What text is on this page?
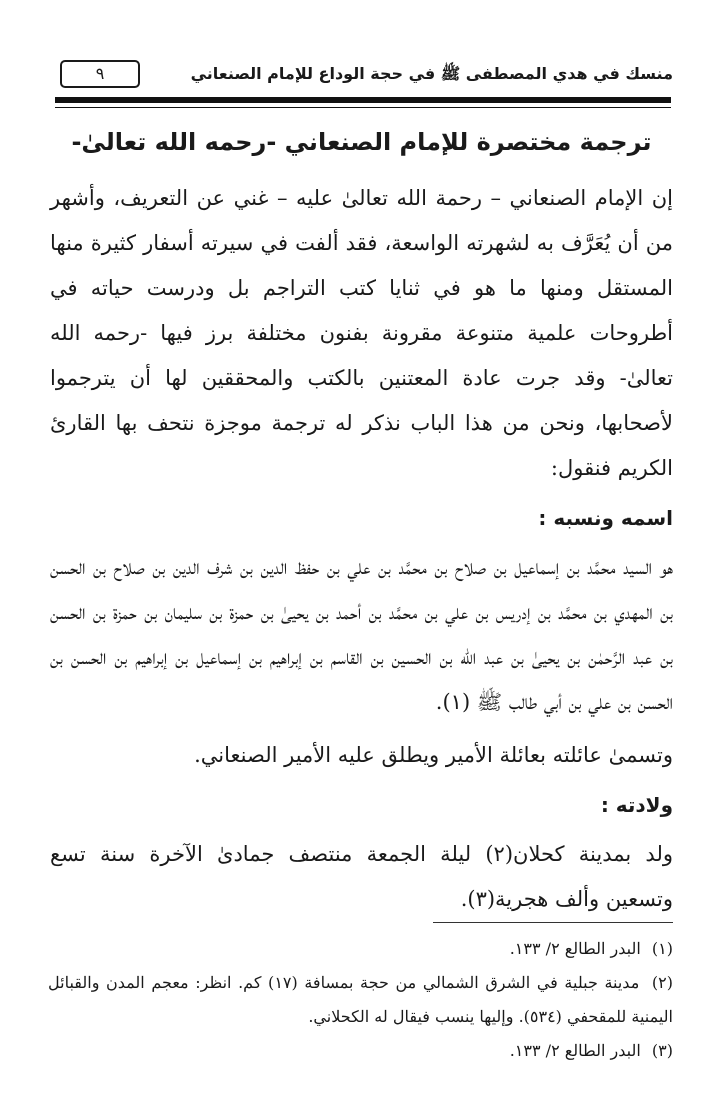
منسك في هدي المصطفى ﷺ في حجة الوداع للإمام الصنعاني
٩
ترجمة مختصرة للإمام الصنعاني -رحمه الله تعالىٰ-

إن الإمام الصنعاني – رحمة الله تعالىٰ عليه – غني عن التعريف، وأشهر من أن يُعَرَّف به لشهرته الواسعة، فقد ألفت في سيرته أسفار كثيرة منها المستقل ومنها ما هو في ثنايا كتب التراجم بل ودرست حياته في أطروحات علمية متنوعة مقرونة بفنون مختلفة برز فيها -رحمه الله تعالىٰ- وقد جرت عادة المعتنين بالكتب والمحققين لها أن يترجموا لأصحابها، ونحن من هذا الباب نذكر له ترجمة موجزة نتحف بها القارئ الكريم فنقول:

اسمه ونسبه :

هو السيد محمَّد بن إسماعيل بن صلاح بن محمَّد بن علي بن حفظ الدين بن شرف الدين بن صلاح بن الحسن بن المهدي بن محمَّد بن إدريس بن علي بن محمَّد بن أحمد بن يحيىٰ بن حمزة بن سليمان بن حمزة بن الحسن بن عبد الرَّحمٰن بن يحيىٰ بن عبد الله بن الحسين بن القاسم بن إبراهيم بن إسماعيل بن إبراهيم بن الحسن بن الحسن بن علي بن أبي طالب ﷺ (١).

وتسمىٰ عائلته بعائلة الأمير ويطلق عليه الأمير الصنعاني.

ولادته :

ولد بمدينة كحلان(٢) ليلة الجمعة منتصف جمادىٰ الآخرة سنة تسع وتسعين وألف هجرية(٣).

(١) البدر الطالع ٢/ ١٣٣.

(٢) مدينة جبلية في الشرق الشمالي من حجة بمسافة (١٧) كم. انظر: معجم المدن والقبائل اليمنية للمقحفي (٥٣٤). وإليها ينسب فيقال له الكحلاني.

(٣) البدر الطالع ٢/ ١٣٣.
